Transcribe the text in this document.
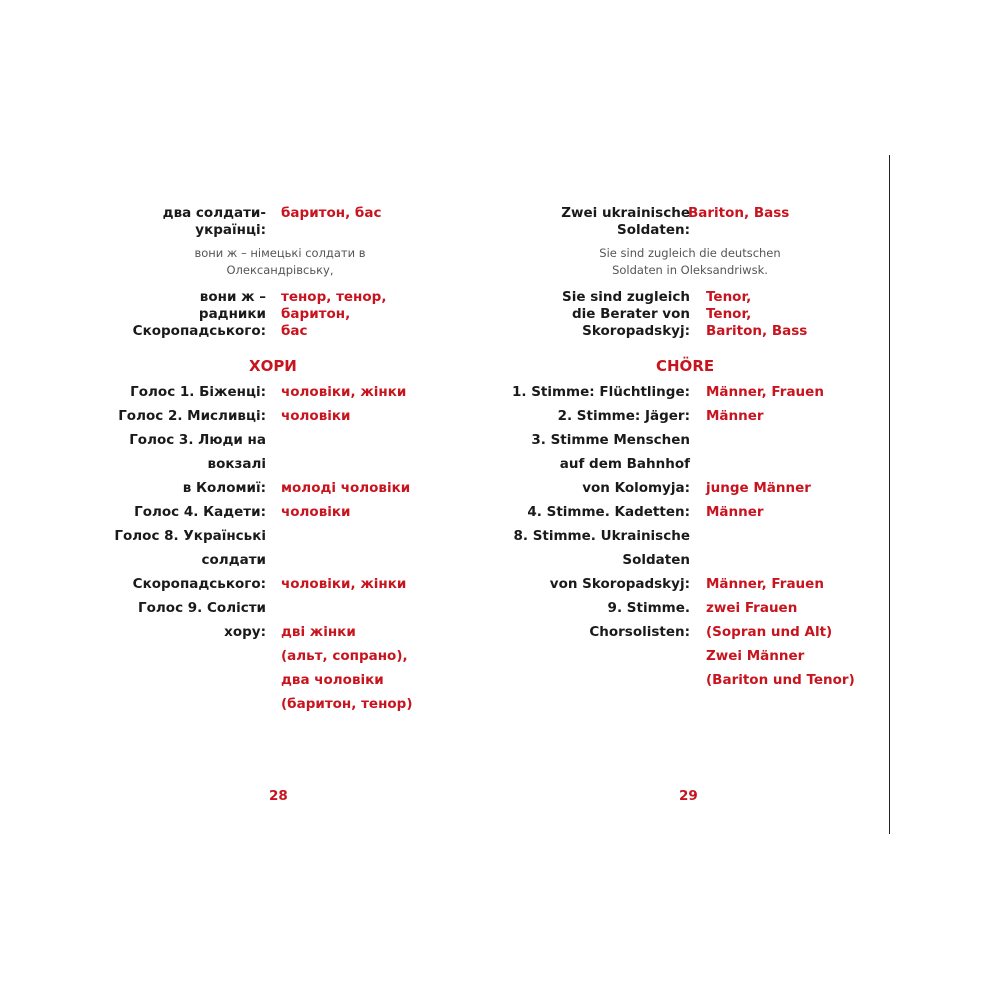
два солдати-
українці:
баритон, бас
вони ж – німецькі солдати в
Олександрівську,
вони ж –
радники
Скоропадського:
тенор, тенор,
баритон,
бас
ХОРИ
Голос 1. Біженці: чоловіки, жінки
Голос 2. Мисливці: чоловіки
Голос 3. Люди на
вокзалі
в Коломиї: молоді чоловіки
Голос 4. Кадети: чоловіки
Голос 8. Українські
солдати
Скоропадського: чоловіки, жінки
Голос 9. Солісти
хору: дві жінки
(альт, сопрано),
два чоловіки
(баритон, тенор)
28
Zwei ukrainische
Soldaten:
Bariton, Bass
Sie sind zugleich die deutschen
Soldaten in Oleksandriwsk.
Sie sind zugleich
die Berater von
Skoropadskyj:
Tenor,
Tenor,
Bariton, Bass
CHÖRE
1. Stimme: Flüchtlinge: Männer, Frauen
2. Stimme: Jäger: Männer
3. Stimme Menschen
auf dem Bahnhof
von Kolomyja: junge Männer
4. Stimme. Kadetten: Männer
8. Stimme. Ukrainische
Soldaten
von Skoropadskyj: Männer, Frauen
9. Stimme. zwei Frauen
Chorsolisten: (Sopran und Alt)
Zwei Männer
(Bariton und Tenor)
29
